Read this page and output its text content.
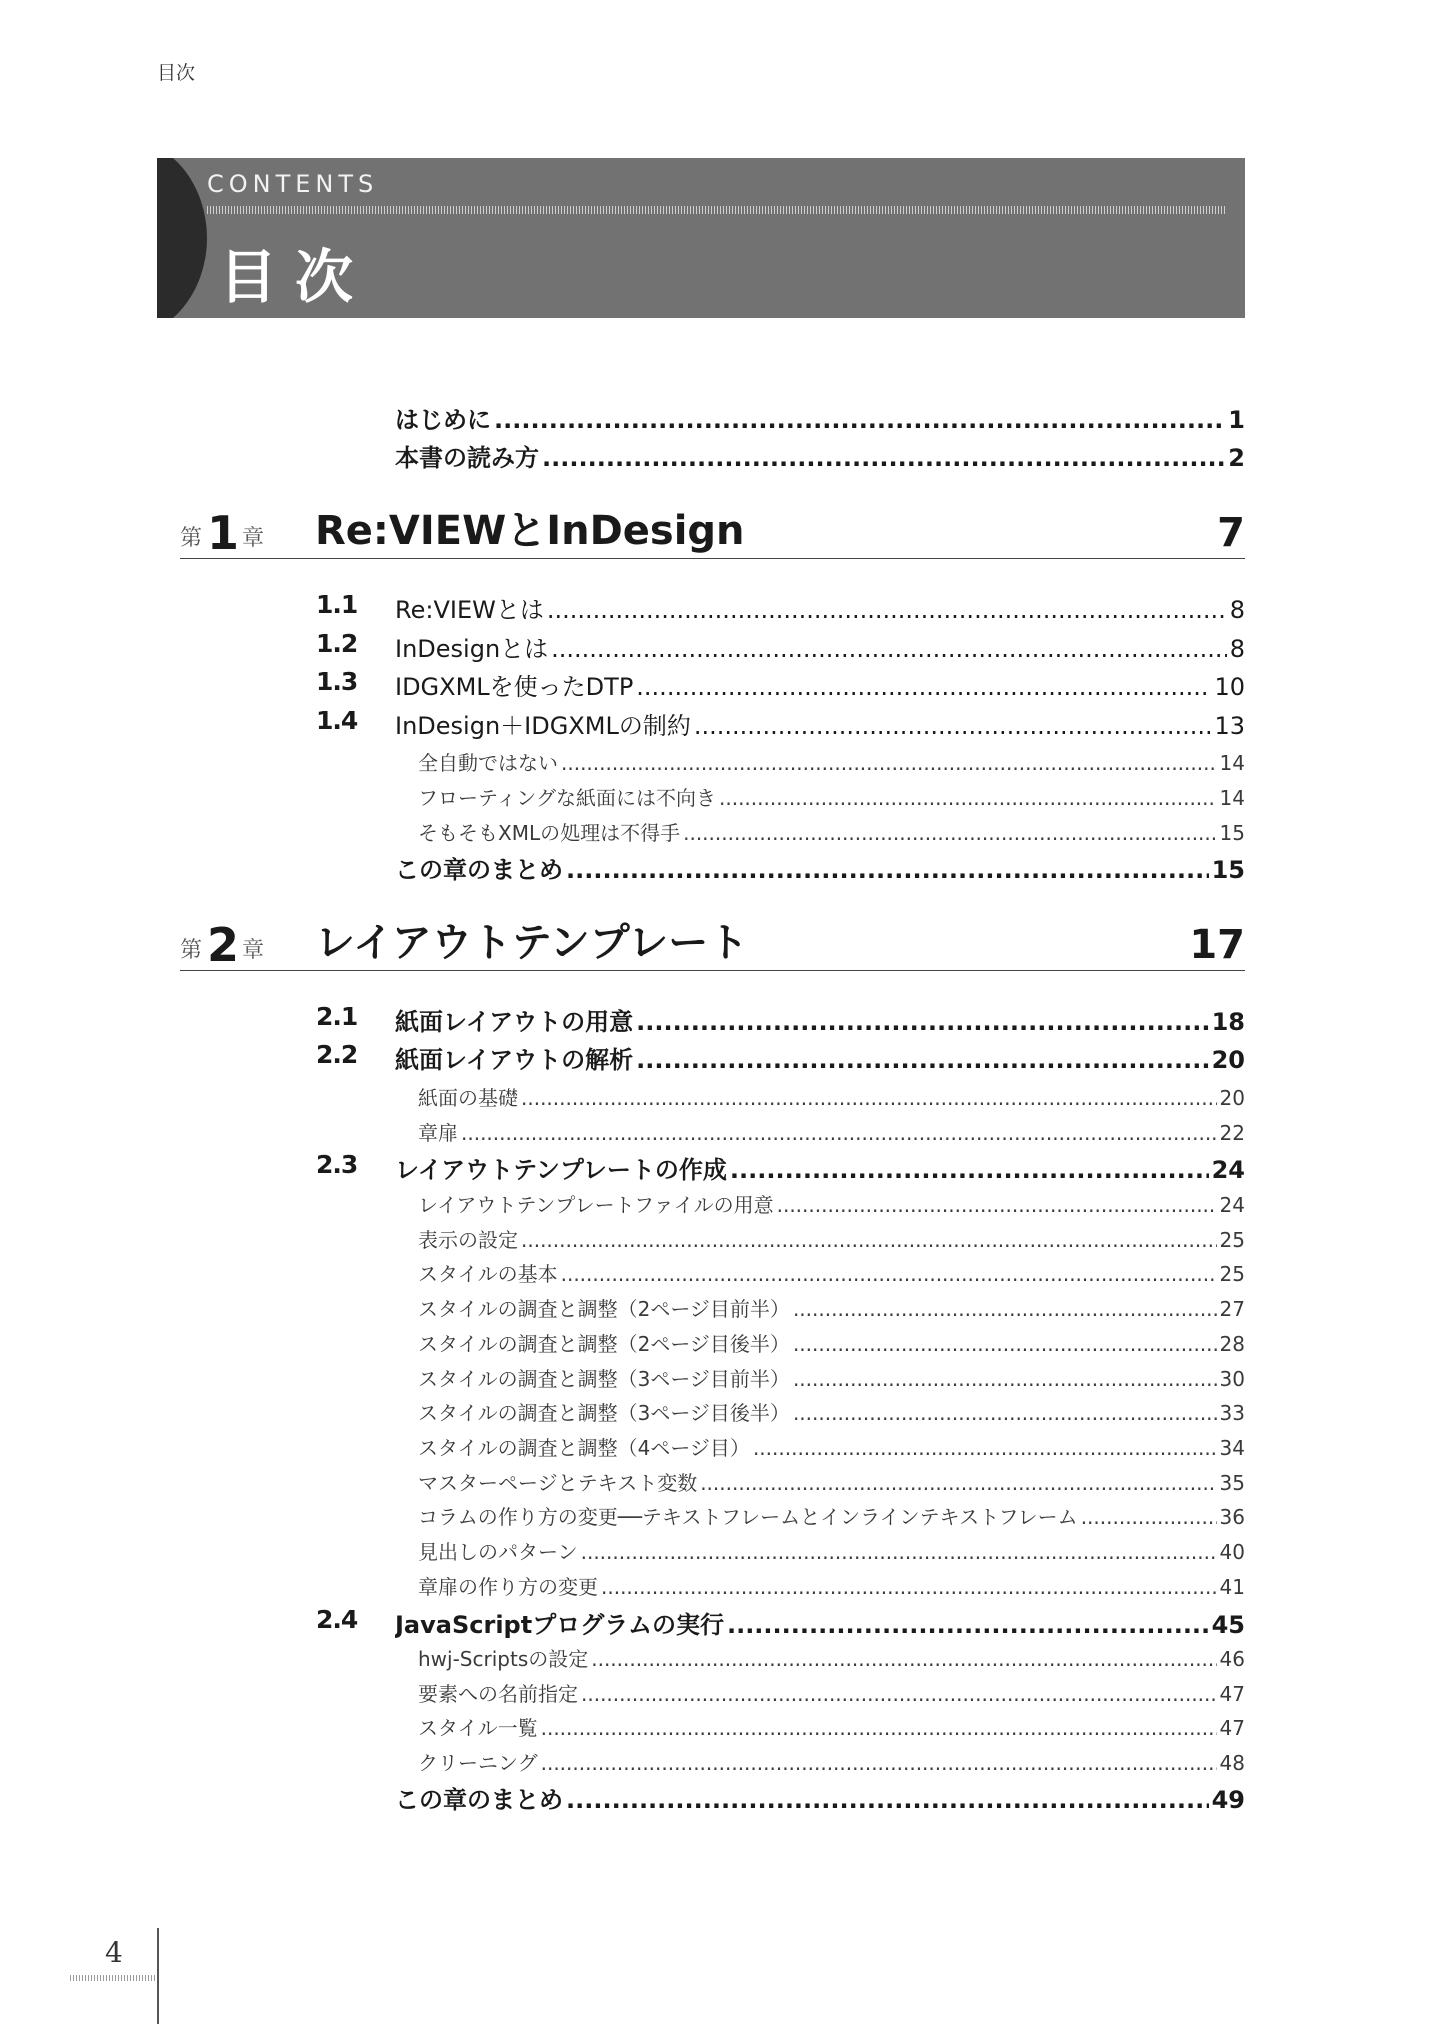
目次
CONTENTS
目次
はじめに .....	1
本書の読み方 .....	2
第 1 章 Re:VIEWとInDesign	7
1.1 Re:VIEWとは .....	8
1.2 InDesignとは .....	8
1.3 IDGXMLを使ったDTP .....	10
1.4 InDesign＋IDGXMLの制約 .....	13
全自動ではない .....	14
フローティングな紙面には不向き .....	14
そもそもXMLの処理は不得手 .....	15
この章のまとめ .....	15
第 2 章 レイアウトテンプレート	17
2.1 紙面レイアウトの用意 .....	18
2.2 紙面レイアウトの解析 .....	20
紙面の基礎 .....	20
章扉 .....	22
2.3 レイアウトテンプレートの作成 .....	24
レイアウトテンプレートファイルの用意 .....	24
表示の設定 .....	25
スタイルの基本 .....	25
スタイルの調査と調整（2ページ目前半） .....	27
スタイルの調査と調整（2ページ目後半） .....	28
スタイルの調査と調整（3ページ目前半） .....	30
スタイルの調査と調整（3ページ目後半） .....	33
スタイルの調査と調整（4ページ目） .....	34
マスターページとテキスト変数 .....	35
コラムの作り方の変更──テキストフレームとインラインテキストフレーム .....	36
見出しのパターン .....	40
章扉の作り方の変更 .....	41
2.4 JavaScriptプログラムの実行 .....	45
hwj-Scriptsの設定 .....	46
要素への名前指定 .....	47
スタイル一覧 .....	47
クリーニング .....	48
この章のまとめ .....	49
4
